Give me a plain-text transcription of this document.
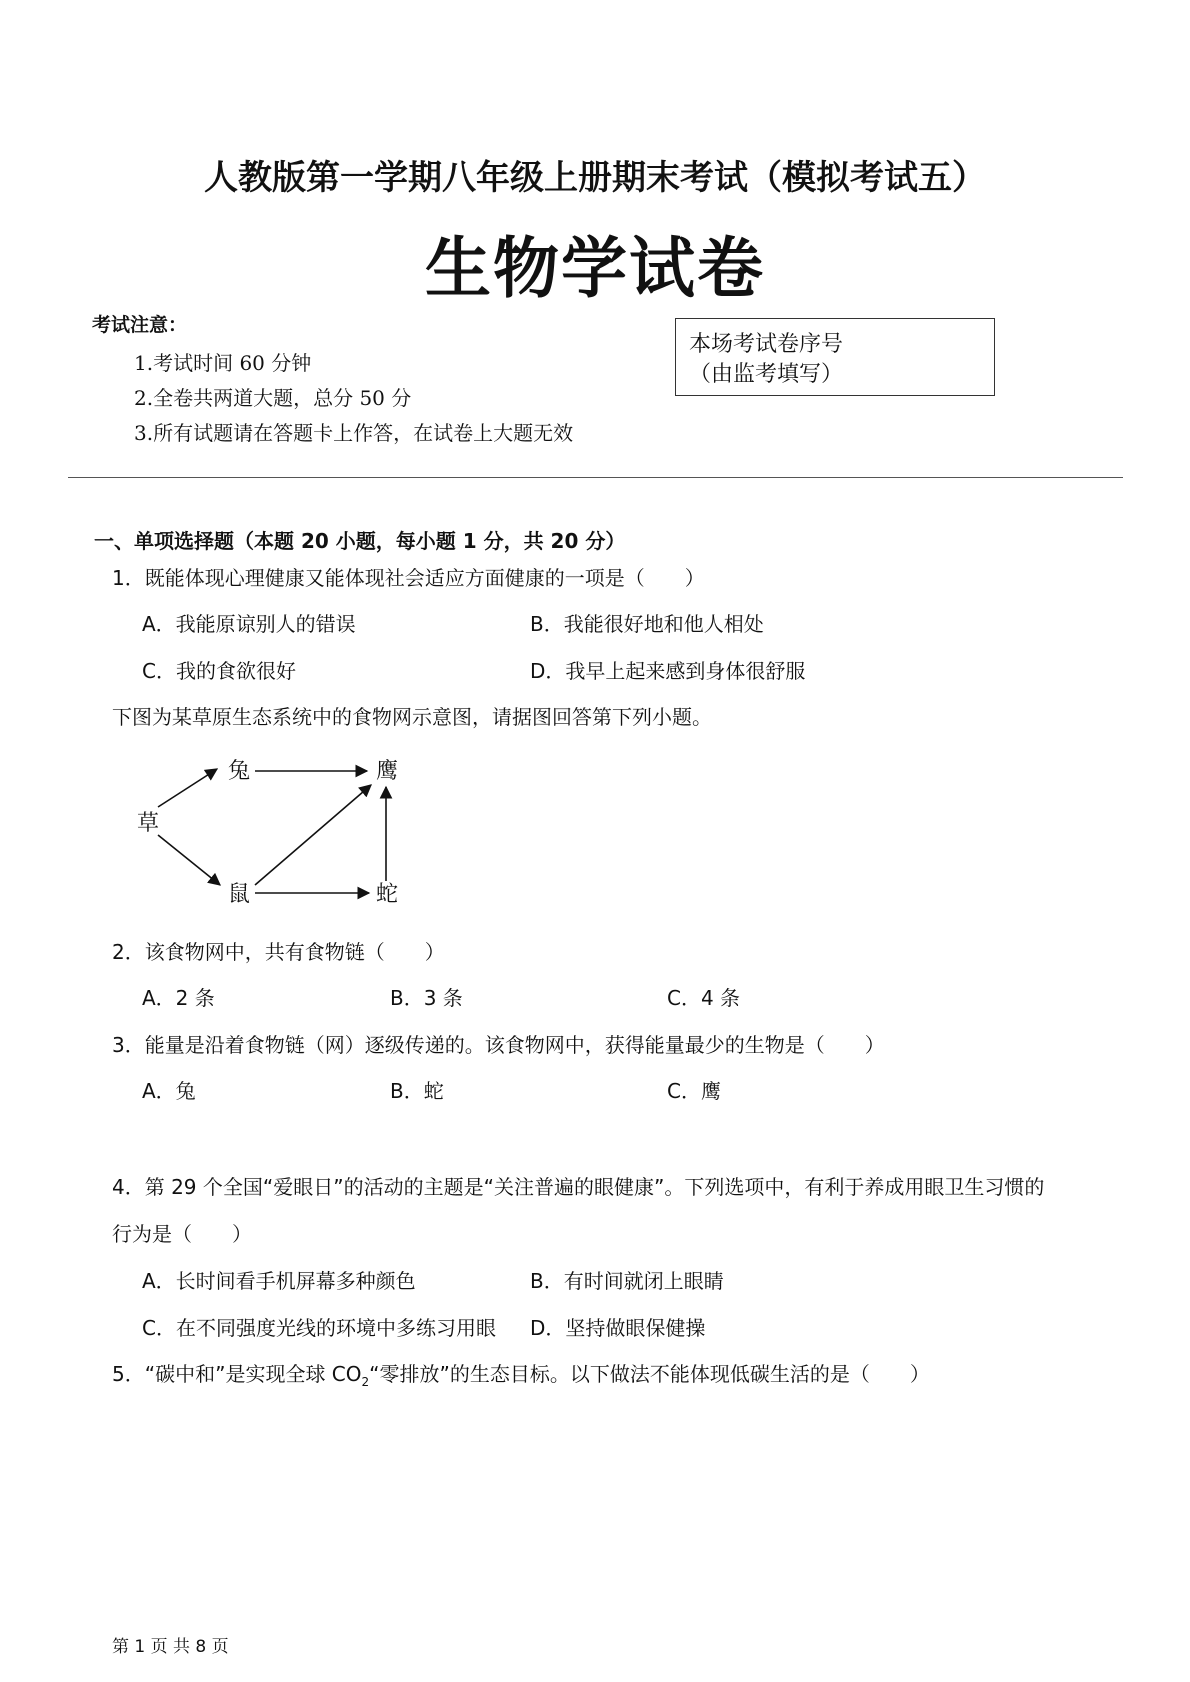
人教版第一学期八年级上册期末考试（模拟考试五）
生物学试卷
考试注意：
1.考试时间 60 分钟
2.全卷共两道大题，总分 50 分
3.所有试题请在答题卡上作答，在试卷上大题无效
本场考试卷序号
（由监考填写）
一、单项选择题（本题 20 小题，每小题 1 分，共 20 分）
1．既能体现心理健康又能体现社会适应方面健康的一项是（　　）
A．我能原谅别人的错误	B．我能很好地和他人相处
C．我的食欲很好	D．我早上起来感到身体很舒服
下图为某草原生态系统中的食物网示意图，请据图回答第下列小题。
草
兔
鼠
鹰
蛇
2．该食物网中，共有食物链（　　）
A．2 条	B．3 条	C．4 条
3．能量是沿着食物链（网）逐级传递的。该食物网中，获得能量最少的生物是（　　）
A．兔	B．蛇	C．鹰
4．第 29 个全国“爱眼日”的活动的主题是“关注普遍的眼健康”。下列选项中，有利于养成用眼卫生习惯的
行为是（　　）
A．长时间看手机屏幕多种颜色	B．有时间就闭上眼睛
C．在不同强度光线的环境中多练习用眼 D．坚持做眼保健操
5．“碳中和”是实现全球 $CO_2“$零排放”的生态目标。以下做法不能体现低碳生活的是（　　）
第 1 页 共 8 页
